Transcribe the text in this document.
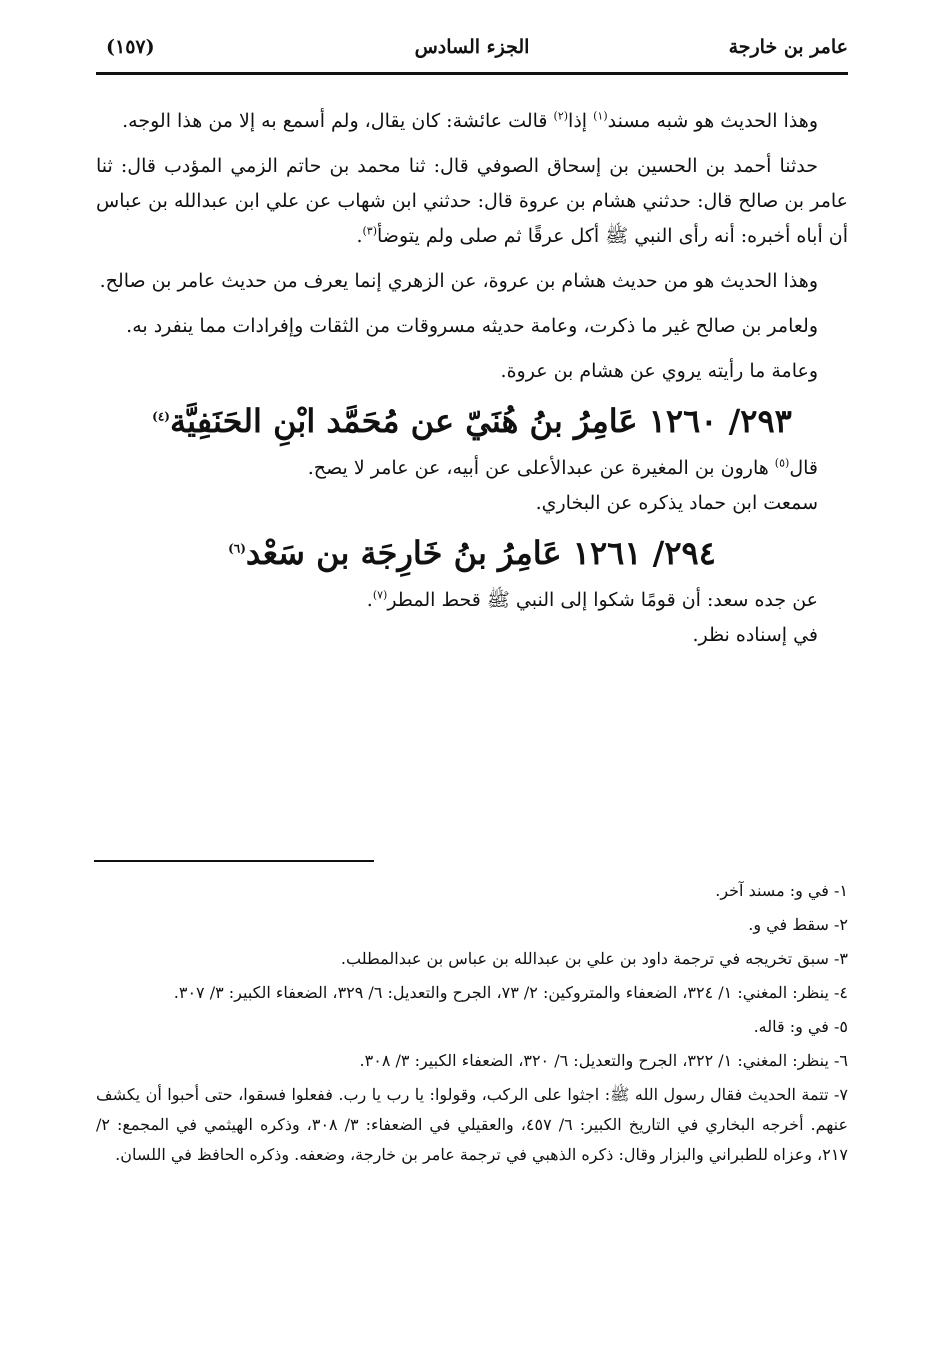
عامر بن خارجة
الجزء السادس
(١٥٧)

وهذا الحديث هو شبه مسند$^{(١)}$ إذا$^{(٢)}$ قالت عائشة: كان يقال، ولم أسمع به إلا من هذا الوجه.

حدثنا أحمد بن الحسين بن إسحاق الصوفي قال: ثنا محمد بن حاتم الزمي المؤدب قال: ثنا عامر بن صالح قال: حدثني هشام بن عروة قال: حدثني ابن شهاب عن علي ابن عبدالله بن عباس أن أباه أخبره: أنه رأى النبي ﷺ أكل عرقًا ثم صلى ولم يتوضأ$^{(٣)}$.

وهذا الحديث هو من حديث هشام بن عروة، عن الزهري إنما يعرف من حديث عامر بن صالح.

ولعامر بن صالح غير ما ذكرت، وعامة حديثه مسروقات من الثقات وإفرادات مما ينفرد به.

وعامة ما رأيته يروي عن هشام بن عروة.

٢٩٣/ ١٢٦٠ عَامِرُ بنُ هُنَيّ عن مُحَمَّد ابْنِ الحَنَفِيَّة$^{(٤)}$

قال$^{(٥)}$ هارون بن المغيرة عن عبدالأعلى عن أبيه، عن عامر لا يصح.

سمعت ابن حماد يذكره عن البخاري.

٢٩٤/ ١٢٦١ عَامِرُ بنُ خَارِجَة بن سَعْد$^{(٦)}$

عن جده سعد: أن قومًا شكوا إلى النبي ﷺ قحط المطر$^{(٧)}$.

في إسناده نظر.

١- في و: مسند آخر.
٢- سقط في و.
٣- سبق تخريجه في ترجمة داود بن علي بن عبدالله بن عباس بن عبدالمطلب.
٤- ينظر: المغني: ١/ ٣٢٤، الضعفاء والمتروكين: ٢/ ٧٣، الجرح والتعديل: ٦/ ٣٢٩، الضعفاء الكبير: ٣/ ٣٠٧.
٥- في و: قاله.
٦- ينظر: المغني: ١/ ٣٢٢، الجرح والتعديل: ٦/ ٣٢٠، الضعفاء الكبير: ٣/ ٣٠٨.
٧- تتمة الحديث فقال رسول الله ﷺ: اجثوا على الركب، وقولوا: يا رب يا رب. ففعلوا فسقوا، حتى أحبوا أن يكشف عنهم. أخرجه البخاري في التاريخ الكبير: ٦/ ٤٥٧، والعقيلي في الضعفاء: ٣/ ٣٠٨، وذكره الهيثمي في المجمع: ٢/ ٢١٧، وعزاه للطبراني والبزار وقال: ذكره الذهبي في ترجمة عامر بن خارجة، وضعفه. وذكره الحافظ في اللسان.
